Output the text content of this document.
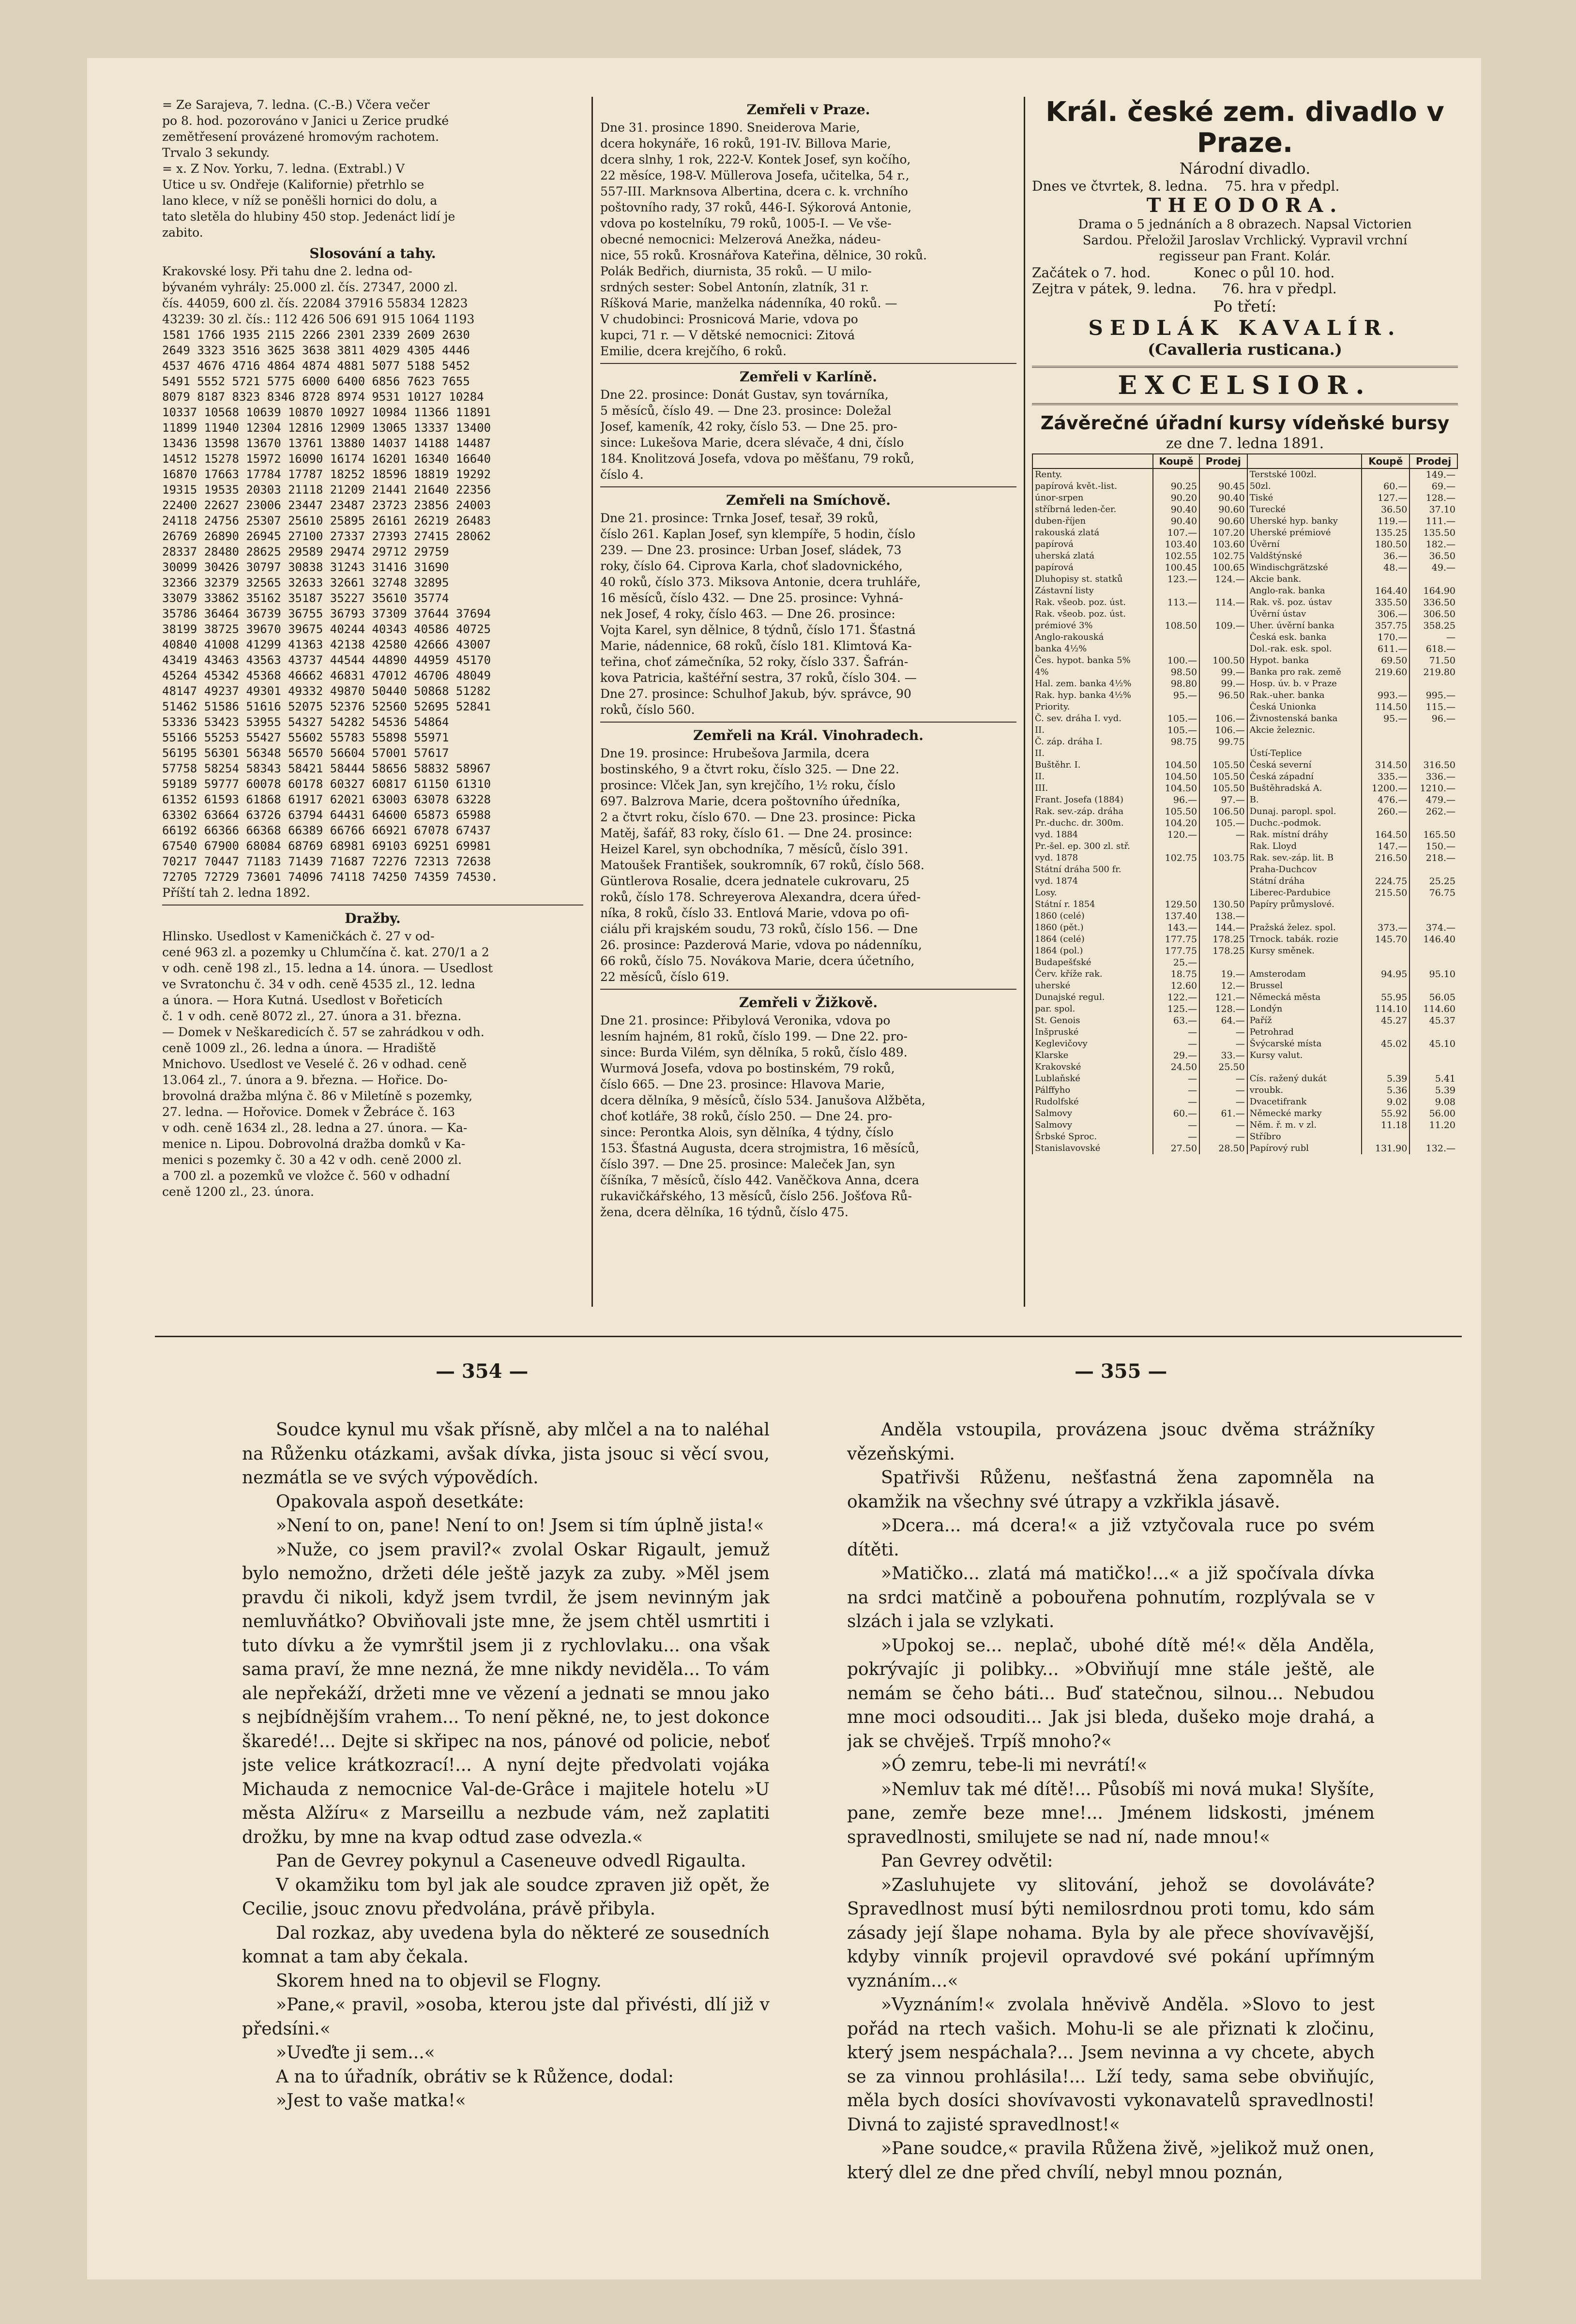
= Ze Sarajeva, 7. ledna. (C.-B.) Včera večer
po 8. hod. pozorováno v Janici u Zerice prudké
zemětřesení provázené hromovým rachotem.
Trvalo 3 sekundy.
= x. Z Nov. Yorku, 7. ledna. (Extrabl.) V
Utice u sv. Ondřeje (Kalifornie) přetrhlo se
lano klece, v níž se poněšli hornici do dolu, a
tato sletěla do hlubiny 450 stop. Jedenáct lidí je
zabito.
Slosování a tahy.
Krakovské losy. Při tahu dne 2. ledna od-
bývaném vyhrály: 25.000 zl. čís. 27347, 2000 zl.
čís. 44059, 600 zl. čís. 22084 37916 55834 12823
43239: 30 zl. čís.: 112 426 506 691 915 1064 1193
1581 1766 1935 2115 2266 2301 2339 2609 2630
2649 3323 3516 3625 3638 3811 4029 4305 4446
4537 4676 4716 4864 4874 4881 5077 5188 5452
5491 5552 5721 5775 6000 6400 6856 7623 7655
8079 8187 8323 8346 8728 8974 9531 10127 10284
10337 10568 10639 10870 10927 10984 11366 11891
11899 11940 12304 12816 12909 13065 13337 13400
13436 13598 13670 13761 13880 14037 14188 14487
14512 15278 15972 16090 16174 16201 16340 16640
16870 17663 17784 17787 18252 18596 18819 19292
19315 19535 20303 21118 21209 21441 21640 22356
22400 22627 23006 23447 23487 23723 23856 24003
24118 24756 25307 25610 25895 26161 26219 26483
26769 26890 26945 27100 27337 27393 27415 28062
28337 28480 28625 29589 29474 29712 29759
30099 30426 30797 30838 31243 31416 31690
32366 32379 32565 32633 32661 32748 32895
33079 33862 35162 35187 35227 35610 35774
35786 36464 36739 36755 36793 37309 37644 37694
38199 38725 39670 39675 40244 40343 40586 40725
40840 41008 41299 41363 42138 42580 42666 43007
43419 43463 43563 43737 44544 44890 44959 45170
45264 45342 45368 46662 46831 47012 46706 48049
48147 49237 49301 49332 49870 50440 50868 51282
51462 51586 51616 52075 52376 52560 52695 52841
53336 53423 53955 54327 54282 54536 54864
55166 55253 55427 55602 55783 55898 55971
56195 56301 56348 56570 56604 57001 57617
57758 58254 58343 58421 58444 58656 58832 58967
59189 59777 60078 60178 60327 60817 61150 61310
61352 61593 61868 61917 62021 63003 63078 63228
63302 63664 63726 63794 64431 64600 65873 65988
66192 66366 66368 66389 66766 66921 67078 67437
67540 67900 68084 68769 68981 69103 69251 69981
70217 70447 71183 71439 71687 72276 72313 72638
72705 72729 73601 74096 74118 74250 74359 74530.
Příští tah 2. ledna 1892.
Dražby.
Hlinsko. Usedlost v Kameničkách č. 27 v od-
cené 963 zl. a pozemky u Chlumčína č. kat. 270/1 a 2
v odh. ceně 198 zl., 15. ledna a 14. února. — Usedlost
ve Svratonchu č. 34 v odh. ceně 4535 zl., 12. ledna
a února. — Hora Kutná. Usedlost v Bořeticích
č. 1 v odh. ceně 8072 zl., 27. února a 31. března.
— Domek v Neškaredicích č. 57 se zahrádkou v odh.
ceně 1009 zl., 26. ledna a února. — Hradiště
Mnichovo. Usedlost ve Veselé č. 26 v odhad. ceně
13.064 zl., 7. února a 9. března. — Hořice. Do-
brovolná dražba mlýna č. 86 v Miletíně s pozemky,
27. ledna. — Hořovice. Domek v Žebráce č. 163
v odh. ceně 1634 zl., 28. ledna a 27. února. — Ka-
menice n. Lipou. Dobrovolná dražba domků v Ka-
menici s pozemky č. 30 a 42 v odh. ceně 2000 zl.
a 700 zl. a pozemků ve vložce č. 560 v odhadní
ceně 1200 zl., 23. února.
Zemřeli v Praze.
Dne 31. prosince 1890. Sneiderova Marie,
dcera hokynáře, 16 roků, 191-IV. Billova Marie,
dcera slnhy, 1 rok, 222-V. Kontek Josef, syn kočího,
22 měsíce, 198-V. Müllerova Josefa, učitelka, 54 r.,
557-III. Marknsova Albertina, dcera c. k. vrchního
poštovního rady, 37 roků, 446-I. Sýkorová Antonie,
vdova po kostelníku, 79 roků, 1005-I. — Ve vše-
obecné nemocnici: Melzerová Anežka, nádeu-
nice, 55 roků. Krosnářova Kateřina, dělnice, 30 roků.
Polák Bedřich, diurnista, 35 roků. — U milo-
srdných sester: Sobel Antonín, zlatník, 31 r.
Ríšková Marie, manželka nádenníka, 40 roků. —
V chudobinci: Prosnicová Marie, vdova po
kupci, 71 r. — V dětské nemocnici: Zitová
Emilie, dcera krejčího, 6 roků.
Zemřeli v Karlíně.
Dne 22. prosince: Donát Gustav, syn továrníka,
5 měsíců, číslo 49. — Dne 23. prosince: Doležal
Josef, kameník, 42 roky, číslo 53. — Dne 25. pro-
since: Lukešova Marie, dcera slévače, 4 dni, číslo
184. Knolitzová Josefa, vdova po měšťanu, 79 roků,
číslo 4.
Zemřeli na Smíchově.
Dne 21. prosince: Trnka Josef, tesař, 39 roků,
číslo 261. Kaplan Josef, syn klempíře, 5 hodin, číslo
239. — Dne 23. prosince: Urban Josef, sládek, 73
roky, číslo 64. Ciprova Karla, choť sladovnického,
40 roků, číslo 373. Miksova Antonie, dcera truhláře,
16 měsíců, číslo 432. — Dne 25. prosince: Vyhná-
nek Josef, 4 roky, číslo 463. — Dne 26. prosince:
Vojta Karel, syn dělnice, 8 týdnů, číslo 171. Šťastná
Marie, nádennice, 68 roků, číslo 181. Klimtová Ka-
teřina, choť zámečníka, 52 roky, číslo 337. Šafrán-
kova Patricia, kaštéřní sestra, 37 roků, číslo 304. —
Dne 27. prosince: Schulhof Jakub, býv. správce, 90
roků, číslo 560.
Zemřeli na Král. Vinohradech.
Dne 19. prosince: Hrubešova Jarmila, dcera
bostinského, 9 a čtvrt roku, číslo 325. — Dne 22.
prosince: Vlček Jan, syn krejčího, 1½ roku, číslo
697. Balzrova Marie, dcera poštovního úředníka,
2 a čtvrt roku, číslo 670. — Dne 23. prosince: Picka
Matěj, šafář, 83 roky, číslo 61. — Dne 24. prosince:
Heizel Karel, syn obchodníka, 7 měsíců, číslo 391.
Matoušek František, soukromník, 67 roků, číslo 568.
Güntlerova Rosalie, dcera jednatele cukrovaru, 25
roků, číslo 178. Schreyerova Alexandra, dcera úřed-
níka, 8 roků, číslo 33. Entlová Marie, vdova po ofi-
ciálu při krajském soudu, 73 roků, číslo 156. — Dne
26. prosince: Pazderová Marie, vdova po nádenníku,
66 roků, číslo 75. Novákova Marie, dcera účetního,
22 měsíců, číslo 619.
Zemřeli v Žižkově.
Dne 21. prosince: Přibylová Veronika, vdova po
lesním hajném, 81 roků, číslo 199. — Dne 22. pro-
since: Burda Vilém, syn dělníka, 5 roků, číslo 489.
Wurmová Josefa, vdova po bostinském, 79 roků,
číslo 665. — Dne 23. prosince: Hlavova Marie,
dcera dělníka, 9 měsíců, číslo 534. Janušova Alžběta,
choť kotláře, 38 roků, číslo 250. — Dne 24. pro-
since: Perontka Alois, syn dělníka, 4 týdny, číslo
153. Šťastná Augusta, dcera strojmistra, 16 měsíců,
číslo 397. — Dne 25. prosince: Maleček Jan, syn
číšníka, 7 měsíců, číslo 442. Vaněčkova Anna, dcera
rukavičkářského, 13 měsíců, číslo 256. Jošťova Rů-
žena, dcera dělníka, 16 týdnů, číslo 475.
Král. české zem. divadlo v Praze.
Národní divadlo.
Dnes ve čtvrtek, 8. ledna.    75. hra v předpl.
THEODORA.
Drama o 5 jednáních a 8 obrazech. Napsal Victorien
Sardou. Přeložil Jaroslav Vrchlický. Vypravil vrchní
regisseur pan Frant. Kolár.
Začátek o 7. hod.          Konec o půl 10. hod.
Zejtra v pátek, 9. ledna.      76. hra v předpl.
Po třetí:
SEDLÁK KAVALÍR.
(Cavalleria rusticana.)
EXCELSIOR.
Závěrečné úřadní kursy vídeňské bursy
ze dne 7. ledna 1891.
	Koupě	Prodej		Koupě	Prodej
Renty.			Terstské 100zl.		149.—
papírová květ.-list.	90.25	90.45	50zl.	60.—	69.—
únor-srpen	90.20	90.40	Tiské	127.—	128.—
stříbrná leden-čer.	90.40	90.60	Turecké	36.50	37.10
duben-říjen	90.40	90.60	Uherské hyp. banky	119.—	111.—
rakouská zlatá	107.—	107.20	Uherské prémiové	135.25	135.50
papírová	103.40	103.60	Úvěrní	180.50	182.—
uherská zlatá	102.55	102.75	Valdštýnské	36.—	36.50
papírová	100.45	100.65	Windischgrätzské	48.—	49.—
Dluhopisy st. statků	123.—	124.—	Akcie bank.		
Zástavní listy			Anglo-rak. banka	164.40	164.90
Rak. všeob. poz. úst.	113.—	114.—	Rak. vš. poz. ústav	335.50	336.50
Rak. všeob. poz. úst.			Úvěrní ústav	306.—	306.50
prémiové 3%	108.50	109.—	Uher. úvěrní banka	357.75	358.25
Anglo-rakouská			Česká esk. banka	170.—	—
banka 4½%			Dol.-rak. esk. spol.	611.—	618.—
Čes. hypot. banka 5%	100.—	100.50	Hypot. banka	69.50	71.50
4%	98.50	99.—	Banka pro rak. země	219.60	219.80
Hal. zem. banka 4½%	98.80	99.—	Hosp. úv. b. v Praze		
Rak. hyp. banka 4½%	95.—	96.50	Rak.-uher. banka	993.—	995.—
Priority.			Česká Unionka	114.50	115.—
Č. sev. dráha I. vyd.	105.—	106.—	Živnostenská banka	95.—	96.—
II.	105.—	106.—	Akcie železnic.		
Č. záp. dráha I.	98.75	99.75			
II.			Ústí-Teplice		
Buštěhr. I.	104.50	105.50	Česká severní	314.50	316.50
II.	104.50	105.50	Česká západní	335.—	336.—
III.	104.50	105.50	Buštěhradská A.	1200.—	1210.—
Frant. Josefa (1884)	96.—	97.—	B.	476.—	479.—
Rak. sev.-záp. dráha	105.50	106.50	Dunaj. paropl. spol.	260.—	262.—
Pr.-duchc. dr. 300m.	104.20	105.—	Duchc.-podmok.		
vyd. 1884	120.—	—	Rak. místní dráhy	164.50	165.50
Pr.-šel. ep. 300 zl. stř.			Rak. Lloyd	147.—	150.—
vyd. 1878	102.75	103.75	Rak. sev.-záp. lit. B	216.50	218.—
Státní dráha 500 fr.			Praha-Duchcov		
vyd. 1874			Státní dráha	224.75	25.25
Losy.			Liberec-Pardubice	215.50	76.75
Státní r. 1854	129.50	130.50	Papíry průmyslové.		
1860 (celé)	137.40	138.—			
1860 (pět.)	143.—	144.—	Pražská želez. spol.	373.—	374.—
1864 (celé)	177.75	178.25	Trnock. tabák. rozie	145.70	146.40
1864 (pol.)	177.75	178.25	Kursy směnek.		
Budapešťské	25.—				
Červ. kříže rak.	18.75	19.—	Amsterodam	94.95	95.10
uherské	12.60	12.—	Brussel		
Dunajské regul.	122.—	121.—	Německá města	55.95	56.05
par. spol.	125.—	128.—	Londýn	114.10	114.60
St. Genois	63.—	64.—	Paříž	45.27	45.37
Inšpruské	—	—	Petrohrad		
Keglevičovy	—	—	Švýcarské místa	45.02	45.10
Klarske	29.—	33.—	Kursy valut.		
Krakovské	24.50	25.50			
Lublaňské	—	—	Cís. ražený dukát	5.39	5.41
Pálffyho	—	—	vroubk.	5.36	5.39
Rudolfské	—	—	Dvacetifrank	9.02	9.08
Salmovy	60.—	61.—	Německé marky	55.92	56.00
Salmovy	—	—	Něm. ř. m. v zl.	11.18	11.20
Šrbské Sproc.	—	—	Stříbro		
Stanislavovské	27.50	28.50	Papírový rubl	131.90	132.—
— 354 —	— 355 —

Soudce kynul mu však přísně, aby mlčel a na to naléhal na Růženku otázkami, avšak dívka, jista jsouc si věcí svou, nezmátla se ve svých výpovědích.

Opakovala aspoň desetkáte:

»Není to on, pane! Není to on! Jsem si tím úplně jista!«

»Nuže, co jsem pravil?« zvolal Oskar Rigault, jemuž bylo nemožno, držeti déle ještě jazyk za zuby. »Měl jsem pravdu či nikoli, když jsem tvrdil, že jsem nevinným jak nemluvňátko? Obviňovali jste mne, že jsem chtěl usmrtiti i tuto dívku a že vymrštil jsem ji z rychlovlaku... ona však sama praví, že mne nezná, že mne nikdy neviděla... To vám ale nepřekáží, držeti mne ve vězení a jednati se mnou jako s nejbídnějším vrahem... To není pěkné, ne, to jest dokonce škaredé!... Dejte si skřipec na nos, pánové od policie, neboť jste velice krátkozrací!... A nyní dejte předvolati vojáka Michauda z nemocnice Val-de-Grâce i majitele hotelu »U města Alžíru« z Marseillu a nezbude vám, než zaplatiti drožku, by mne na kvap odtud zase odvezla.«

Pan de Gevrey pokynul a Caseneuve odvedl Rigaulta.

V okamžiku tom byl jak ale soudce zpraven již opět, že Cecilie, jsouc znovu předvolána, právě přibyla.

Dal rozkaz, aby uvedena byla do některé ze sousedních komnat a tam aby čekala.

Skorem hned na to objevil se Flogny.

»Pane,« pravil, »osoba, kterou jste dal přivésti, dlí již v předsíni.«

»Uveďte ji sem...«

A na to úřadník, obrátiv se k Růžence, dodal:

»Jest to vaše matka!«

Anděla vstoupila, provázena jsouc dvěma strážníky vězeňskými.

Spatřivši Růženu, nešťastná žena zapomněla na okamžik na všechny své útrapy a vzkřikla jásavě.

»Dcera... má dcera!« a již vztyčovala ruce po svém dítěti.

»Matičko... zlatá má matičko!...« a již spočívala dívka na srdci matčině a pobouřena pohnutím, rozplývala se v slzách i jala se vzlykati.

»Upokoj se... neplač, ubohé dítě mé!« děla Anděla, pokrývajíc ji polibky... »Obviňují mne stále ještě, ale nemám se čeho báti... Buď statečnou, silnou... Nebudou mne moci odsouditi... Jak jsi bleda, dušeko moje drahá, a jak se chvěješ. Trpíš mnoho?«

»Ó zemru, tebe-li mi nevrátí!«

»Nemluv tak mé dítě!... Působíš mi nová muka! Slyšíte, pane, zemře beze mne!... Jménem lidskosti, jménem spravedlnosti, smilujete se nad ní, nade mnou!«

Pan Gevrey odvětil:

»Zasluhujete vy slitování, jehož se dovoláváte? Spravedlnost musí býti nemilosrdnou proti tomu, kdo sám zásady její šlape nohama. Byla by ale přece shovívavější, kdyby vinník projevil opravdové své pokání upřímným vyznáním...«

»Vyznáním!« zvolala hněvivě Anděla. »Slovo to jest pořád na rtech vašich. Mohu-li se ale přiznati k zločinu, který jsem nespáchala?... Jsem nevinna a vy chcete, abych se za vinnou prohlásila!... Lží tedy, sama sebe obviňujíc, měla bych dosíci shovívavosti vykonavatelů spravedlnosti! Divná to zajisté spravedlnost!«

»Pane soudce,« pravila Růžena živě, »jelikož muž onen, který dlel ze dne před chvílí, nebyl mnou poznán,
